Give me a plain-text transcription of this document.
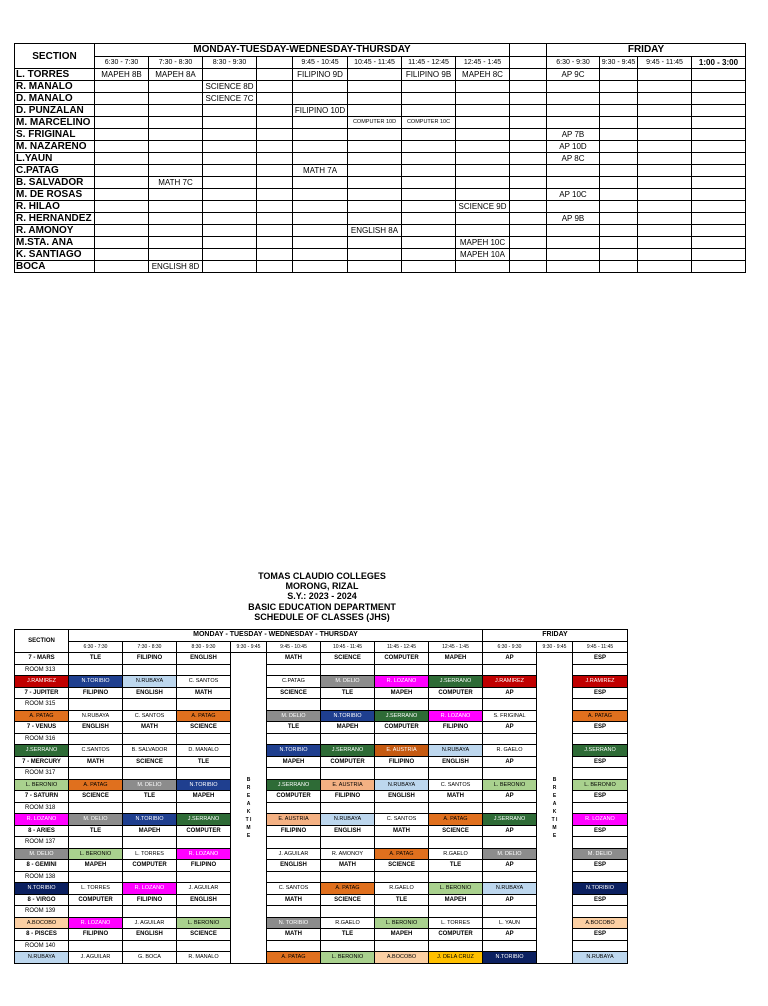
SECTION	MONDAY-TUESDAY-WEDNESDAY-THURSDAY									FRIDAY			
	6:30 - 7:30	7:30 - 8:30	8:30 - 9:30		9:45 - 10:45	10:45 - 11:45	11:45 - 12:45	12:45 - 1:45		6:30 - 9:30	9:30 - 9:45	9:45 - 11:45	1:00 - 3:00
L. TORRES	MAPEH 8B	MAPEH 8A			FILIPINO 9D		FILIPINO 9B	MAPEH 8C		AP 9C			
R. MANALO			SCIENCE 8D										
D. MANALO			SCIENCE 7C										
D. PUNZALAN					FILIPINO 10D								
M. MARCELINO						COMPUTER 10D	COMPUTER 10C						
S. FRIGINAL										AP 7B			
M. NAZARENO										AP 10D			
L.YAUN										AP 8C			
C.PATAG					MATH 7A								
B. SALVADOR		MATH 7C											
M. DE ROSAS										AP 10C			
R. HILAO								SCIENCE 9D					
R. HERNANDEZ										AP 9B			
R. AMONOY						ENGLISH 8A							
M.STA. ANA								MAPEH 10C					
K. SANTIAGO								MAPEH 10A					
BOCA		ENGLISH 8D											
TOMAS CLAUDIO COLLEGES
MORONG, RIZAL
S.Y.: 2023 - 2024
BASIC EDUCATION DEPARTMENT
SCHEDULE OF CLASSES (JHS)
SECTION	MONDAY - TUESDAY - WEDNESDAY - THURSDAY								FRIDAY		
	6:30 - 7:30	7:30 - 8:30	8:30 - 9:30	9:30 - 9:45	9:45 - 10:45	10:45 - 11:45	11:45 - 12:45	12:45 - 1:45	6:30 - 9:30	9:30 - 9:45	9:45 - 11:45
7 - MARS	TLE	FILIPINO	ENGLISH	B R E A K T I M E	MATH	SCIENCE	COMPUTER	MAPEH	AP	B R E A K T I M E	ESP
ROOM 313											
J.RAMIREZ	N.TORIBIO	N.RUBAYA	C. SANTOS		C.PATAG	M. DELIO	R. LOZANO	J.SERRANO	J.RAMIREZ		J.RAMIREZ
7 - JUPITER	FILIPINO	ENGLISH	MATH		SCIENCE	TLE	MAPEH	COMPUTER	AP		ESP
ROOM 315											
A. PATAG	N.RUBAYA	C. SANTOS	A. PATAG		M. DELIO	N.TORIBIO	J.SERRANO	R. LOZANO	S. FRIGINAL		A. PATAG
7 - VENUS	ENGLISH	MATH	SCIENCE		TLE	MAPEH	COMPUTER	FILIPINO	AP		ESP
ROOM 316											
J.SERRANO	C.SANTOS	B. SALVADOR	D. MANALO		N.TORIBIO	J.SERRANO	E. AUSTRIA	N.RUBAYA	R. GAELO		J.SERRANO
7 - MERCURY	MATH	SCIENCE	TLE		MAPEH	COMPUTER	FILIPINO	ENGLISH	AP		ESP
ROOM 317											
L. BERONIO	A. PATAG	M. DELIO	N.TORIBIO		J.SERRANO	E. AUSTRIA	N.RUBAYA	C. SANTOS	L. BERONIO		L. BERONIO
7 - SATURN	SCIENCE	TLE	MAPEH		COMPUTER	FILIPINO	ENGLISH	MATH	AP		ESP
ROOM 318											
R. LOZANO	M. DELIO	N.TORIBIO	J.SERRANO		E. AUSTRIA	N.RUBAYA	C. SANTOS	A. PATAG	J.SERRANO		R. LOZANO
8 - ARIES	TLE	MAPEH	COMPUTER		FILIPINO	ENGLISH	MATH	SCIENCE	AP		ESP
ROOM 137											
M. DELIO	L. BERONIO	L. TORRES	R. LOZANO		J. AGUILAR	R. AMONOY	A. PATAG	R.GAELO	M. DELIO		M. DELIO
8 - GEMINI	MAPEH	COMPUTER	FILIPINO		ENGLISH	MATH	SCIENCE	TLE	AP		ESP
ROOM 138											
N.TORIBIO	L. TORRES	R. LOZANO	J. AGUILAR		C. SANTOS	A. PATAG	R.GAELO	L. BERONIO	N.RUBAYA		N.TORIBIO
8 - VIRGO	COMPUTER	FILIPINO	ENGLISH		MATH	SCIENCE	TLE	MAPEH	AP		ESP
ROOM 139											
A.BOCOBO	R. LOZANO	J. AGUILAR	L. BERONIO		N. TORIBIO	R.GAELO	L. BERONIO	L. TORRES	L. YAUN		A.BOCOBO
8 - PISCES	FILIPINO	ENGLISH	SCIENCE		MATH	TLE	MAPEH	COMPUTER	AP		ESP
ROOM 140											
N.RUBAYA	J. AGUILAR	G. BOCA	R. MANALO		A. PATAG	L. BERONIO	A.BOCOBO	J. DELA CRUZ	N.TORIBIO		N.RUBAYA
